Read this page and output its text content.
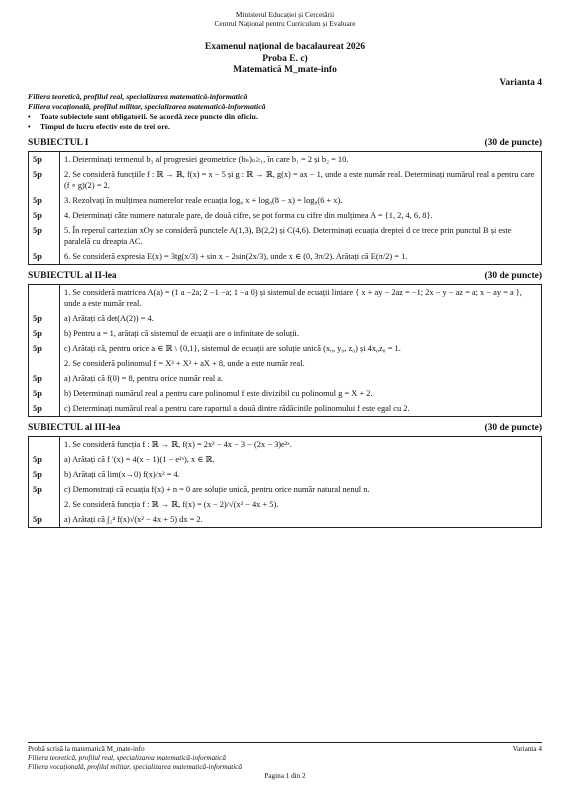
Ministerul Educației și Cercetării
Centrul Național pentru Curriculum și Evaluare
Examenul național de bacalaureat 2026
Proba E. c)
Matematică M_mate-info
Varianta 4
Filiera teoretică, profilul real, specializarea matematică-informatică
Filiera vocațională, profilul militar, specializarea matematică-informatică
• Toate subiectele sunt obligatorii. Se acordă zece puncte din oficiu.
• Timpul de lucru efectiv este de trei ore.
SUBIECTUL I	(30 de puncte)
5p	1. Determinați termenul b₃ al progresiei geometrice (bₙ)ₙ≥₁, în care b₁ = 2 și b₂ = 10.
5p	2. Se consideră funcțiile f : ℝ → ℝ, f(x) = x − 5 și g : ℝ → ℝ, g(x) = ax − 1, unde a este număr real. Determinați numărul real a pentru care (f ∘ g)(2) = 2.
5p	3. Rezolvați în mulțimea numerelor reale ecuația log₈ x + log₈(8 − x) = log₈(6 + x).
5p	4. Determinați câte numere naturale pare, de două cifre, se pot forma cu cifre din mulțimea A = {1, 2, 4, 6, 8}.
5p	5. În reperul cartezian xOy se consideră punctele A(1,3), B(2,2) și C(4,6). Determinați ecuația dreptei d ce trece prin punctul B și este paralelă cu dreapta AC.
5p	6. Se consideră expresia E(x) = 3tg(x/3) + sin x − 2sin(2x/3), unde x ∈ (0, 3π/2). Arătați că E(π/2) = 1.
SUBIECTUL al II-lea	(30 de puncte)
	1. Se consideră matricea A(a) = (1 a −2a; 2 −1 −a; 1 −a 0) și sistemul de ecuații liniare { x + ay − 2az = −1; 2x − y − az = a; x − ay = a }, unde a este număr real.
5p	a) Arătați că det(A(2)) = 4.
5p	b) Pentru a = 1, arătați că sistemul de ecuații are o infinitate de soluții.
5p	c) Arătați că, pentru orice a ∈ ℝ \ {0,1}, sistemul de ecuații are soluție unică (x₀, y₀, z₀) și 4x₀z₀ = 1.
	2. Se consideră polinomul f = X³ + X² + aX + 8, unde a este număr real.
5p	a) Arătați că f(0) = 8, pentru orice număr real a.
5p	b) Determinați numărul real a pentru care polinomul f este divizibil cu polinomul g = X + 2.
5p	c) Determinați numărul real a pentru care raportul a două dintre rădăcinile polinomului f este egal cu 2.
SUBIECTUL al III-lea	(30 de puncte)
	1. Se consideră funcția f : ℝ → ℝ, f(x) = 2x² − 4x − 3 − (2x − 3)e²ˣ.
5p	a) Arătați că f ′(x) = 4(x − 1)(1 − e²ˣ), x ∈ ℝ.
5p	b) Arătați că lim(x→0) f(x)/x² = 4.
5p	c) Demonstrați că ecuația f(x) + n = 0 are soluție unică, pentru orice număr natural nenul n.
	2. Se consideră funcția f : ℝ → ℝ, f(x) = (x − 2)/√(x² − 4x + 5).
5p	a) Arătați că ∫₂⁴ f(x)√(x² − 4x + 5) dx = 2.
Probă scrisă la matematică M_mate-info	Varianta 4
Filiera teoretică, profilul real, specializarea matematică-informatică
Filiera vocațională, profilul militar, specializarea matematică-informatică
Pagina 1 din 2
